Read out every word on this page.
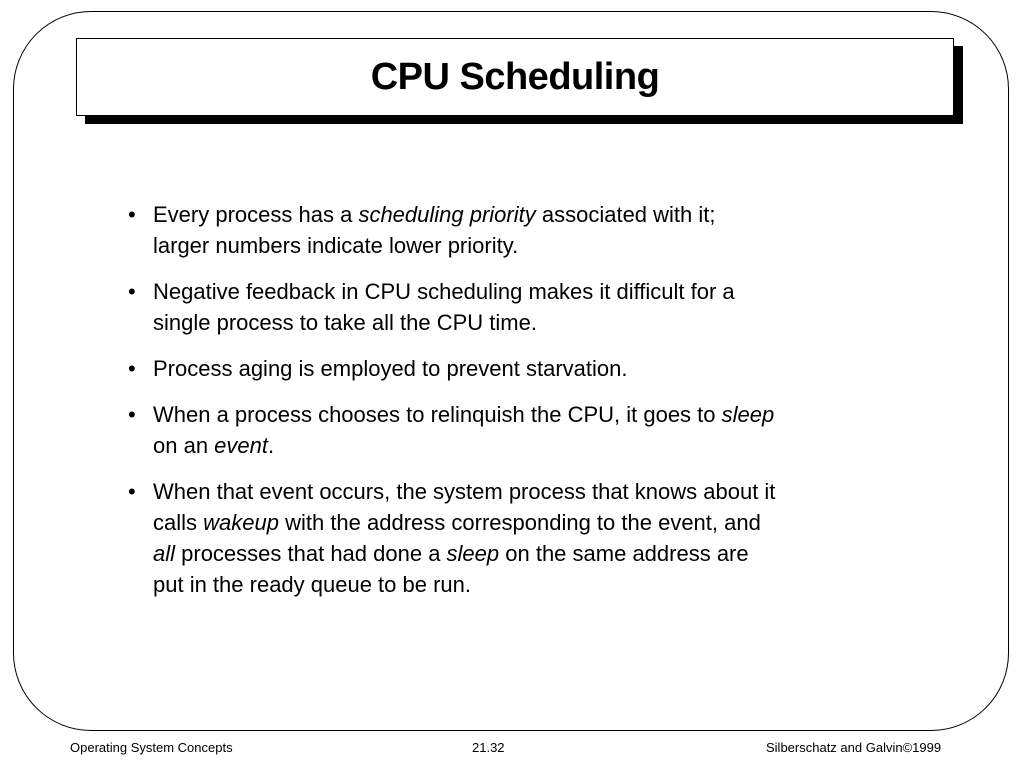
CPU Scheduling
• Every process has a scheduling priority associated with it;
larger numbers indicate lower priority.
• Negative feedback in CPU scheduling makes it difficult for a
single process to take all the CPU time.
• Process aging is employed to prevent starvation.
• When a process chooses to relinquish the CPU, it goes to sleep
on an event.
• When that event occurs, the system process that knows about it
calls wakeup with the address corresponding to the event, and
all processes that had done a sleep on the same address are
put in the ready queue to be run.
Operating System Concepts	21.32	Silberschatz and Galvin©1999
